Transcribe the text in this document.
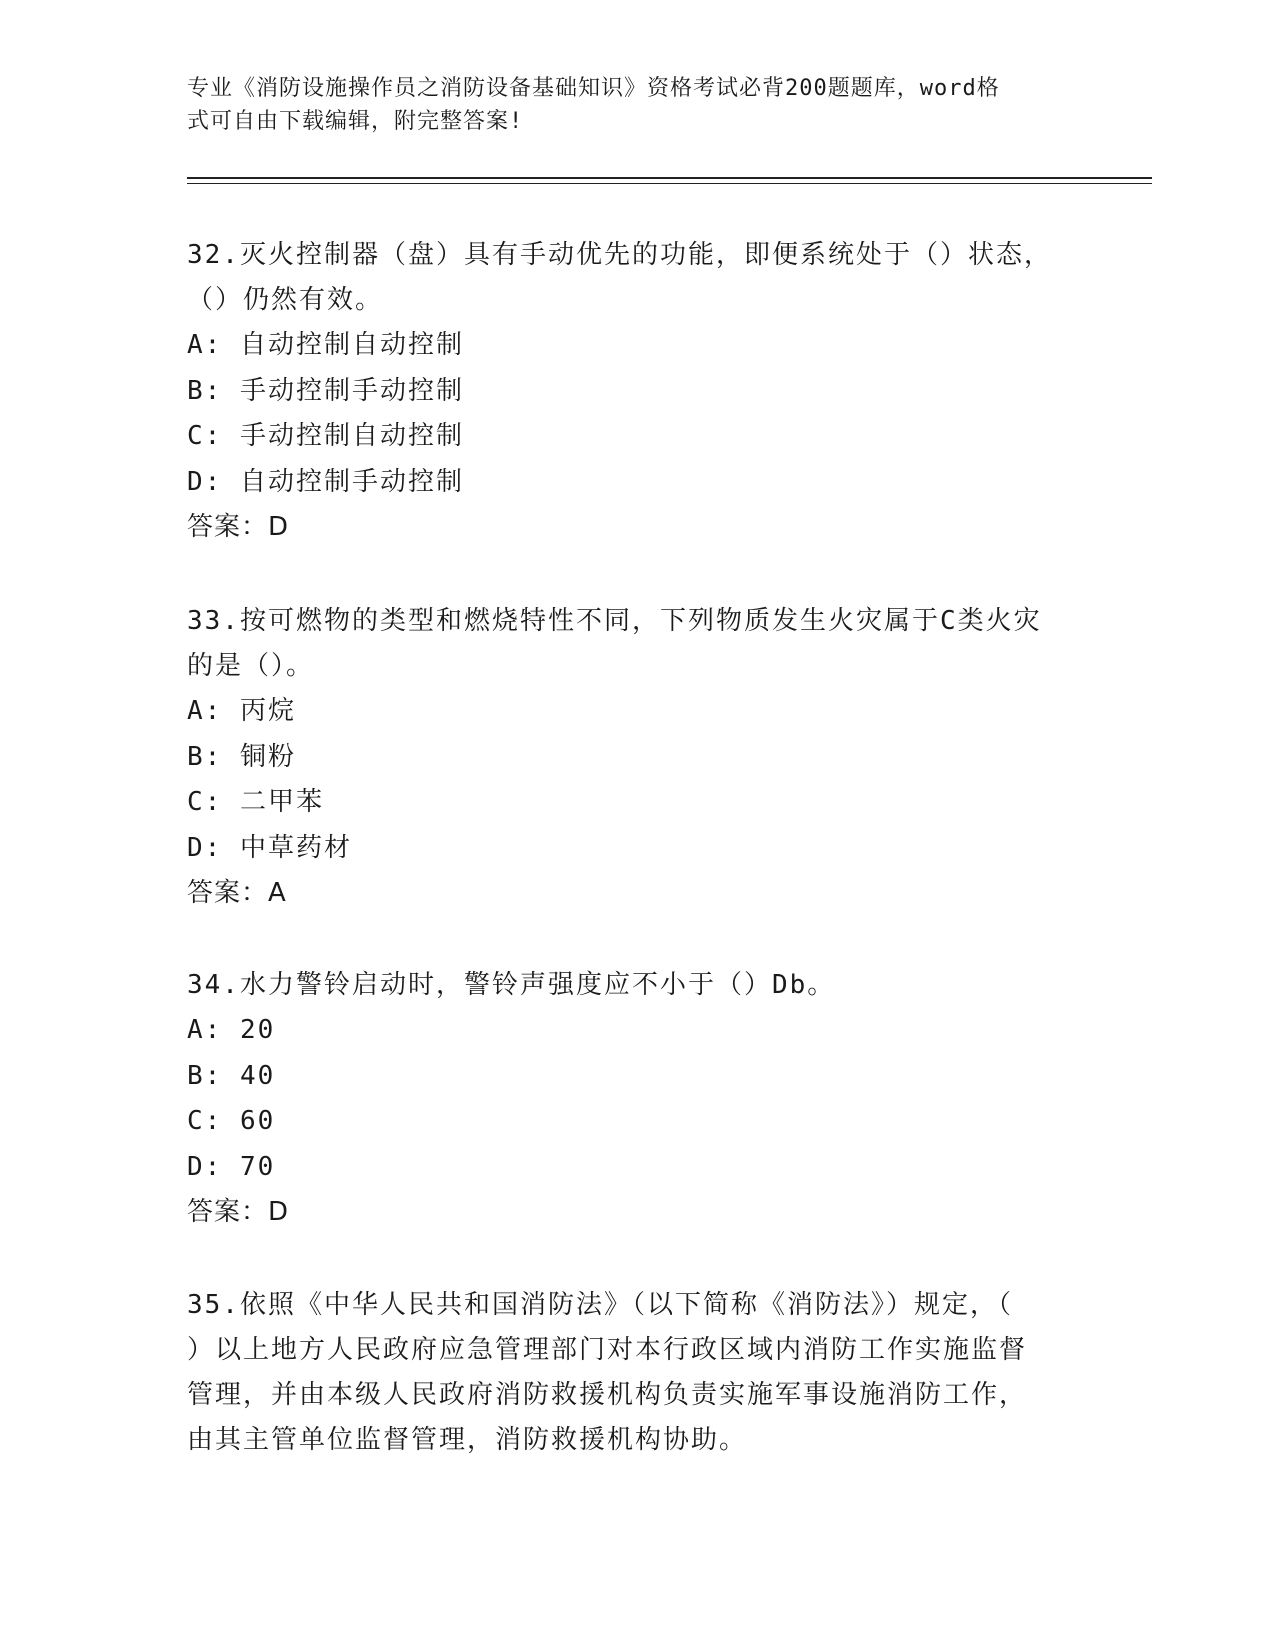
专业《消防设施操作员之消防设备基础知识》资格考试必背200题题库，word格
式可自由下载编辑，附完整答案!

32.灭火控制器（盘）具有手动优先的功能，即便系统处于（）状态，

（）仍然有效。

A: 自动控制自动控制

B: 手动控制手动控制

C: 手动控制自动控制

D: 自动控制手动控制

答案：D

33.按可燃物的类型和燃烧特性不同，下列物质发生火灾属于C类火灾

的是（）。

A: 丙烷

B: 铜粉

C: 二甲苯

D: 中草药材

答案：A

34.水力警铃启动时，警铃声强度应不小于（）Db。

A: 20

B: 40

C: 60

D: 70

答案：D

35.依照《中华人民共和国消防法》（以下简称《消防法》）规定，（

）以上地方人民政府应急管理部门对本行政区域内消防工作实施监督

管理，并由本级人民政府消防救援机构负责实施军事设施消防工作，

由其主管单位监督管理，消防救援机构协助。
